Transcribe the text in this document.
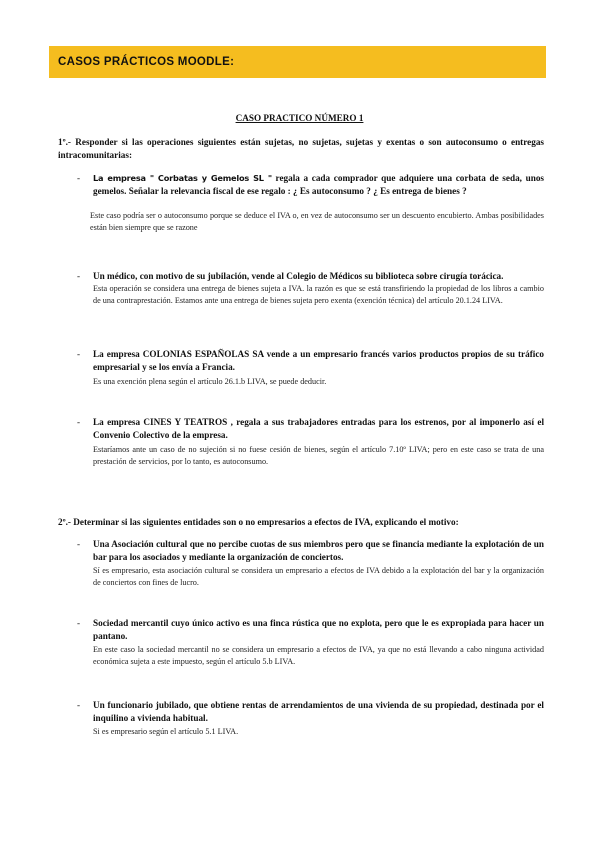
CASOS PRÁCTICOS MOODLE:
CASO PRACTICO NÚMERO 1
1º.- Responder si las operaciones siguientes están sujetas, no sujetas, sujetas y exentas o son autoconsumo o entregas intracomunitarias:
- La empresa " Corbatas y Gemelos SL " regala a cada comprador que adquiere una corbata de seda, unos gemelos. Señalar la relevancia fiscal de ese regalo : ¿ Es autoconsumo ? ¿ Es entrega de bienes ?
Este caso podría ser o autoconsumo porque se deduce el IVA o, en vez de autoconsumo ser un descuento encubierto. Ambas posibilidades están bien siempre que se razone
- Un médico, con motivo de su jubilación, vende al Colegio de Médicos su biblioteca sobre cirugía torácica.
Esta operación se considera una entrega de bienes sujeta a IVA. la razón es que se está transfiriendo la propiedad de los libros a cambio de una contraprestación. Estamos ante una entrega de bienes sujeta pero exenta (exención técnica) del artículo 20.1.24 LIVA.
- La empresa COLONIAS ESPAÑOLAS SA vende a un empresario francés varios productos propios de su tráfico empresarial y se los envía a Francia.
Es una exención plena según el artículo 26.1.b LIVA, se puede deducir.
- La empresa CINES Y TEATROS , regala a sus trabajadores entradas para los estrenos, por al imponerlo así el Convenio Colectivo de la empresa.
Estaríamos ante un caso de no sujeción si no fuese cesión de bienes, según el artículo 7.10º LIVA; pero en este caso se trata de una prestación de servicios, por lo tanto, es autoconsumo.
2º.- Determinar si las siguientes entidades son o no empresarios a efectos de IVA, explicando el motivo:
- Una Asociación cultural que no percibe cuotas de sus miembros pero que se financia mediante la explotación de un bar para los asociados y mediante la organización de conciertos.
Sí es empresario, esta asociación cultural se considera un empresario a efectos de IVA debido a la explotación del bar y la organización de conciertos con fines de lucro.
- Sociedad mercantil cuyo único activo es una finca rústica que no explota, pero que le es expropiada para hacer un pantano.
En este caso la sociedad mercantil no se considera un empresario a efectos de IVA, ya que no está llevando a cabo ninguna actividad económica sujeta a este impuesto, según el artículo 5.b LIVA.
- Un funcionario jubilado, que obtiene rentas de arrendamientos de una vivienda de su propiedad, destinada por el inquilino a vivienda habitual.
Si es empresario según el artículo 5.1 LIVA.
